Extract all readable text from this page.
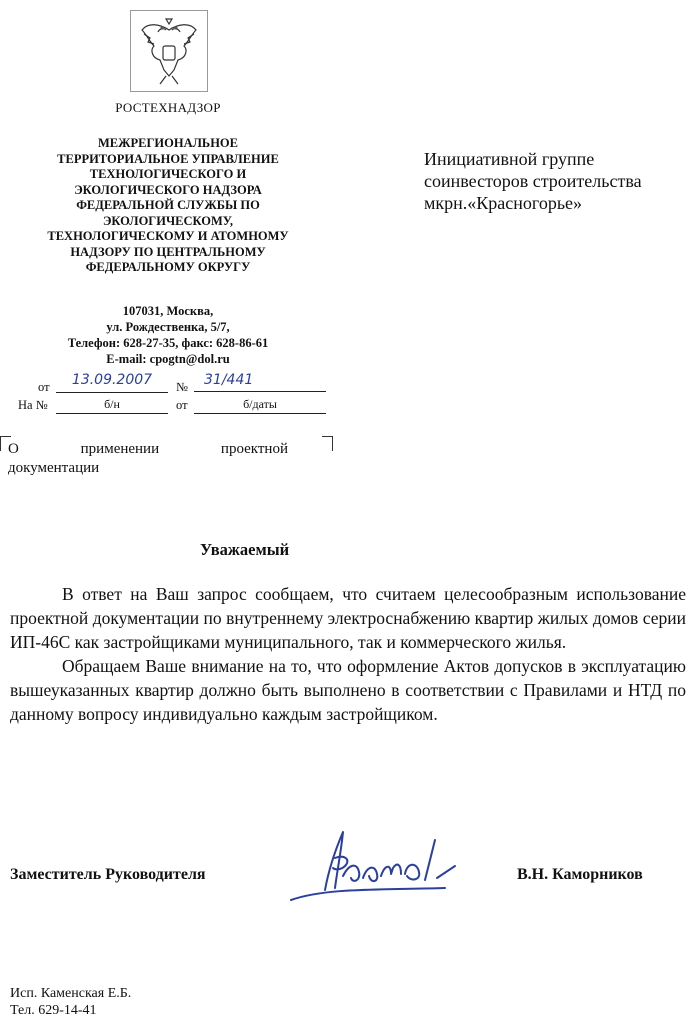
РОСТЕХНАДЗОР
МЕЖРЕГИОНАЛЬНОЕ
ТЕРРИТОРИАЛЬНОЕ УПРАВЛЕНИЕ
ТЕХНОЛОГИЧЕСКОГО И
ЭКОЛОГИЧЕСКОГО НАДЗОРА
ФЕДЕРАЛЬНОЙ СЛУЖБЫ ПО
ЭКОЛОГИЧЕСКОМУ,
ТЕХНОЛОГИЧЕСКОМУ И АТОМНОМУ
НАДЗОРУ ПО ЦЕНТРАЛЬНОМУ
ФЕДЕРАЛЬНОМУ ОКРУГУ
107031, Москва,
ул. Рождественка, 5/7,
Телефон: 628-27-35, факс: 628-86-61
E-mail: cpogtn@dol.ru
от	13.09.2007	№	31/441
На №	б/н	от	б/даты
Инициативной группе
соинвесторов строительства
мкрн.«Красногорье»
О	применении	проектной
документации
Уважаемый

В ответ на Ваш запрос сообщаем, что считаем целесообразным использование проектной документации по внутреннему электроснабжению квартир жилых домов серии ИП-46С как застройщиками муниципального, так и коммерческого жилья.

Обращаем Ваше внимание на то, что оформление Актов допусков в эксплуатацию вышеуказанных квартир должно быть выполнено в соответствии с Правилами и НТД по данному вопросу индивидуально каждым застройщиком.

Заместитель Руководителя	В.Н. Каморников
Исп. Каменская Е.Б.
Тел. 629-14-41
